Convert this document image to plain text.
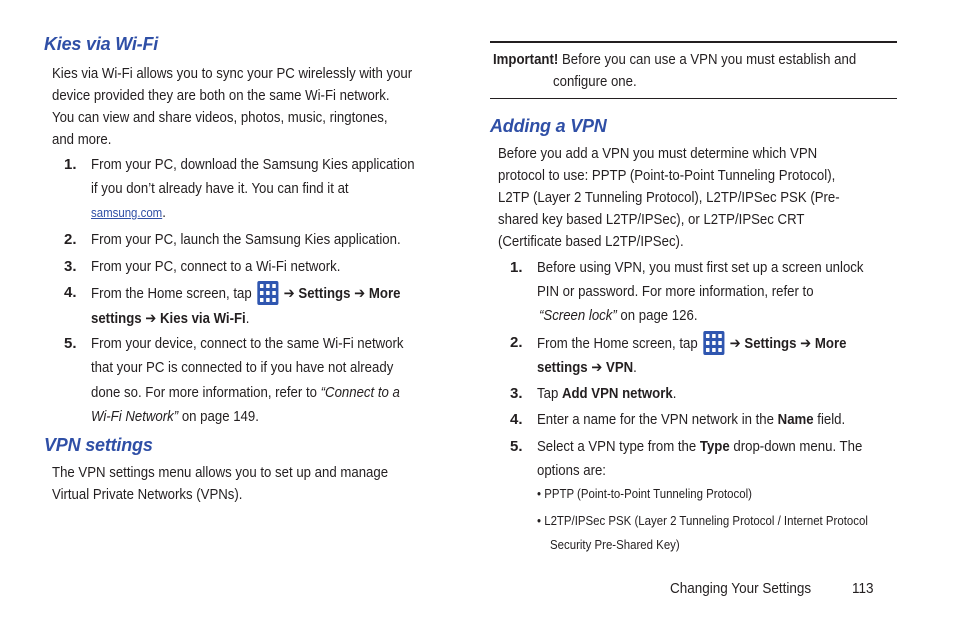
Kies via Wi-Fi
Kies via Wi-Fi allows you to sync your PC wirelessly with your
device provided they are both on the same Wi-Fi network.
You can view and share videos, photos, music, ringtones,
and more.
1. From your PC, download the Samsung Kies application
if you don’t already have it. You can find it at
samsung.com.
2. From your PC, launch the Samsung Kies application.
3. From your PC, connect to a Wi-Fi network.
4. From the Home screen, tap ➔ Settings ➔ More
settings ➔ Kies via Wi-Fi.
5. From your device, connect to the same Wi-Fi network
that your PC is connected to if you have not already
done so. For more information, refer to “Connect to a
Wi-Fi Network” on page 149.
VPN settings
The VPN settings menu allows you to set up and manage
Virtual Private Networks (VPNs).
Important! Before you can use a VPN you must establish and
configure one.
Adding a VPN
Before you add a VPN you must determine which VPN
protocol to use: PPTP (Point-to-Point Tunneling Protocol),
L2TP (Layer 2 Tunneling Protocol), L2TP/IPSec PSK (Pre-
shared key based L2TP/IPSec), or L2TP/IPSec CRT
(Certificate based L2TP/IPSec).
1. Before using VPN, you must first set up a screen unlock
PIN or password. For more information, refer to
“Screen lock” on page 126.
2. From the Home screen, tap ➔ Settings ➔ More
settings ➔ VPN.
3. Tap Add VPN network.
4. Enter a name for the VPN network in the Name field.
5. Select a VPN type from the Type drop-down menu. The
options are:
• PPTP (Point-to-Point Tunneling Protocol)
• L2TP/IPSec PSK (Layer 2 Tunneling Protocol / Internet Protocol
Security Pre-Shared Key)
Changing Your Settings	113
